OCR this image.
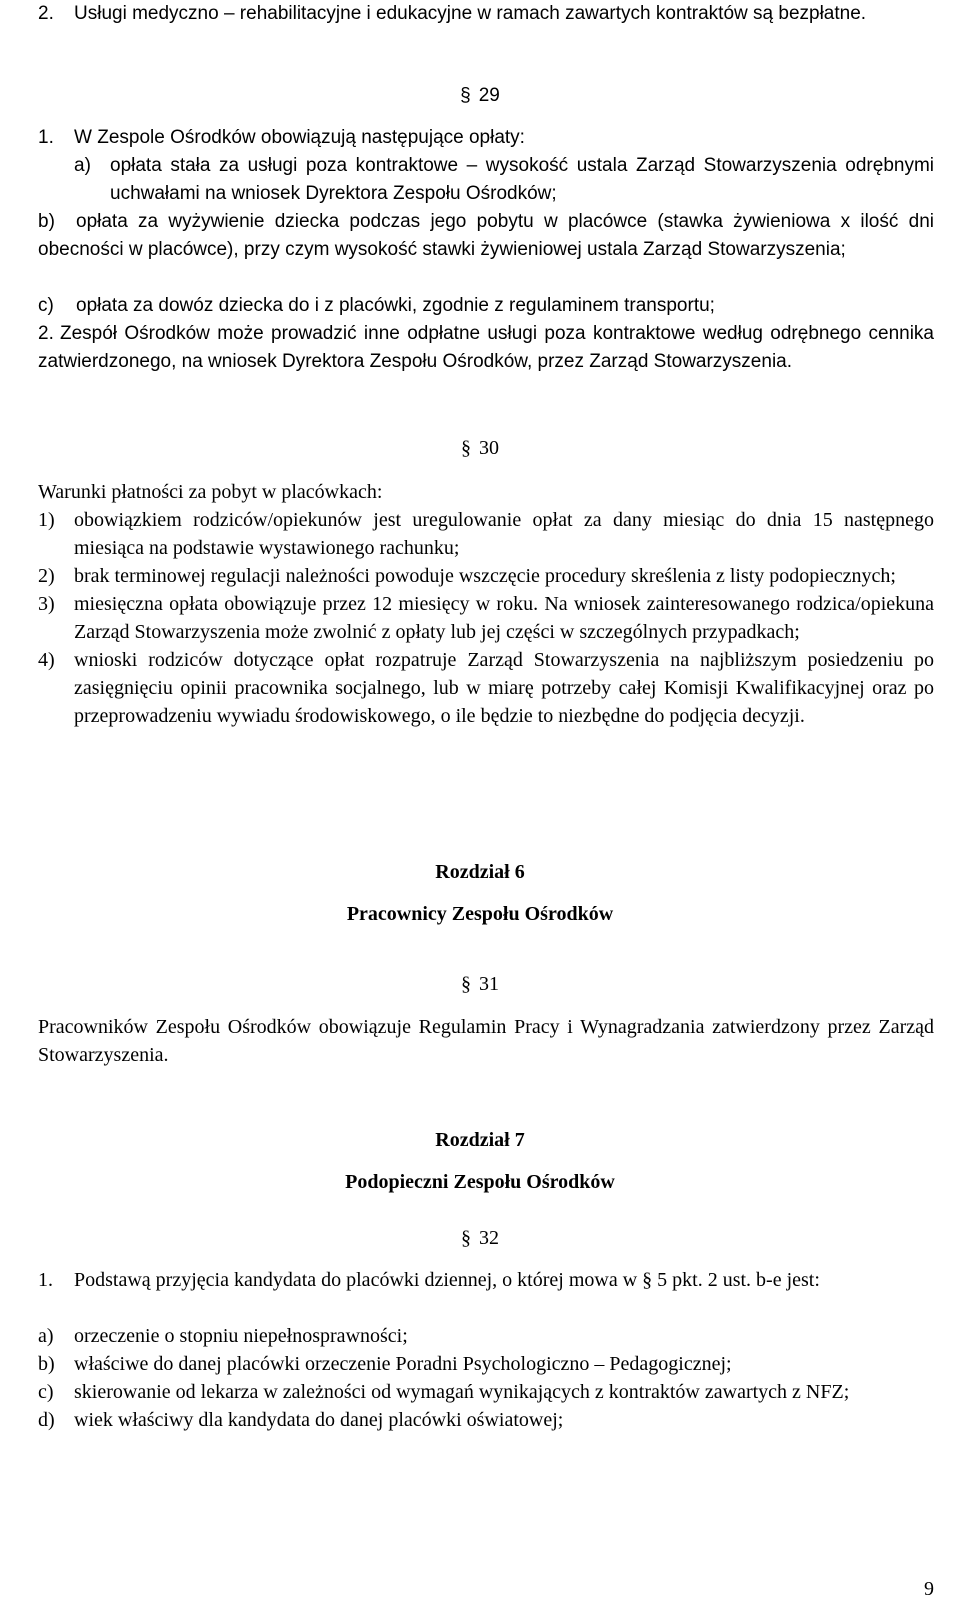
2. Usługi medyczno – rehabilitacyjne i edukacyjne w ramach zawartych kontraktów są bezpłatne.

§ 29

1. W Zespole Ośrodków obowiązują następujące opłaty:

a) opłata stała za usługi poza kontraktowe – wysokość ustala Zarząd Stowarzyszenia odrębnymi uchwałami na wniosek Dyrektora Zespołu Ośrodków;

b) opłata za wyżywienie dziecka podczas jego pobytu w placówce (stawka żywieniowa x ilość dni obecności w placówce), przy czym wysokość stawki żywieniowej ustala Zarząd Stowarzyszenia;

c) opłata za dowóz dziecka do i z placówki, zgodnie z regulaminem transportu;

2. Zespół Ośrodków może prowadzić inne odpłatne usługi poza kontraktowe według odrębnego cennika zatwierdzonego, na wniosek Dyrektora Zespołu Ośrodków, przez Zarząd Stowarzyszenia.

§ 30

Warunki płatności za pobyt w placówkach:

1) obowiązkiem rodziców/opiekunów jest uregulowanie opłat za dany miesiąc do dnia 15 następnego miesiąca na podstawie wystawionego rachunku;

2) brak terminowej regulacji należności powoduje wszczęcie procedury skreślenia z listy podopiecznych;

3) miesięczna opłata obowiązuje przez 12 miesięcy w roku. Na wniosek zainteresowanego rodzica/opiekuna Zarząd Stowarzyszenia może zwolnić z opłaty lub jej części w szczególnych przypadkach;

4) wnioski rodziców dotyczące opłat rozpatruje Zarząd Stowarzyszenia na najbliższym posiedzeniu po zasięgnięciu opinii pracownika socjalnego, lub w miarę potrzeby całej Komisji Kwalifikacyjnej oraz po przeprowadzeniu wywiadu środowiskowego, o ile będzie to niezbędne do podjęcia decyzji.

Rozdział 6

Pracownicy Zespołu Ośrodków

§ 31

Pracowników Zespołu Ośrodków obowiązuje Regulamin Pracy i Wynagradzania zatwierdzony przez Zarząd Stowarzyszenia.

Rozdział 7

Podopieczni Zespołu Ośrodków

§ 32

1. Podstawą przyjęcia kandydata do placówki dziennej, o której mowa w § 5 pkt. 2 ust. b-e jest:

a) orzeczenie o stopniu niepełnosprawności;

b) właściwe do danej placówki orzeczenie Poradni Psychologiczno – Pedagogicznej;

c) skierowanie od lekarza w zależności od wymagań wynikających z kontraktów zawartych z NFZ;

d) wiek właściwy dla kandydata do danej placówki oświatowej;

9
